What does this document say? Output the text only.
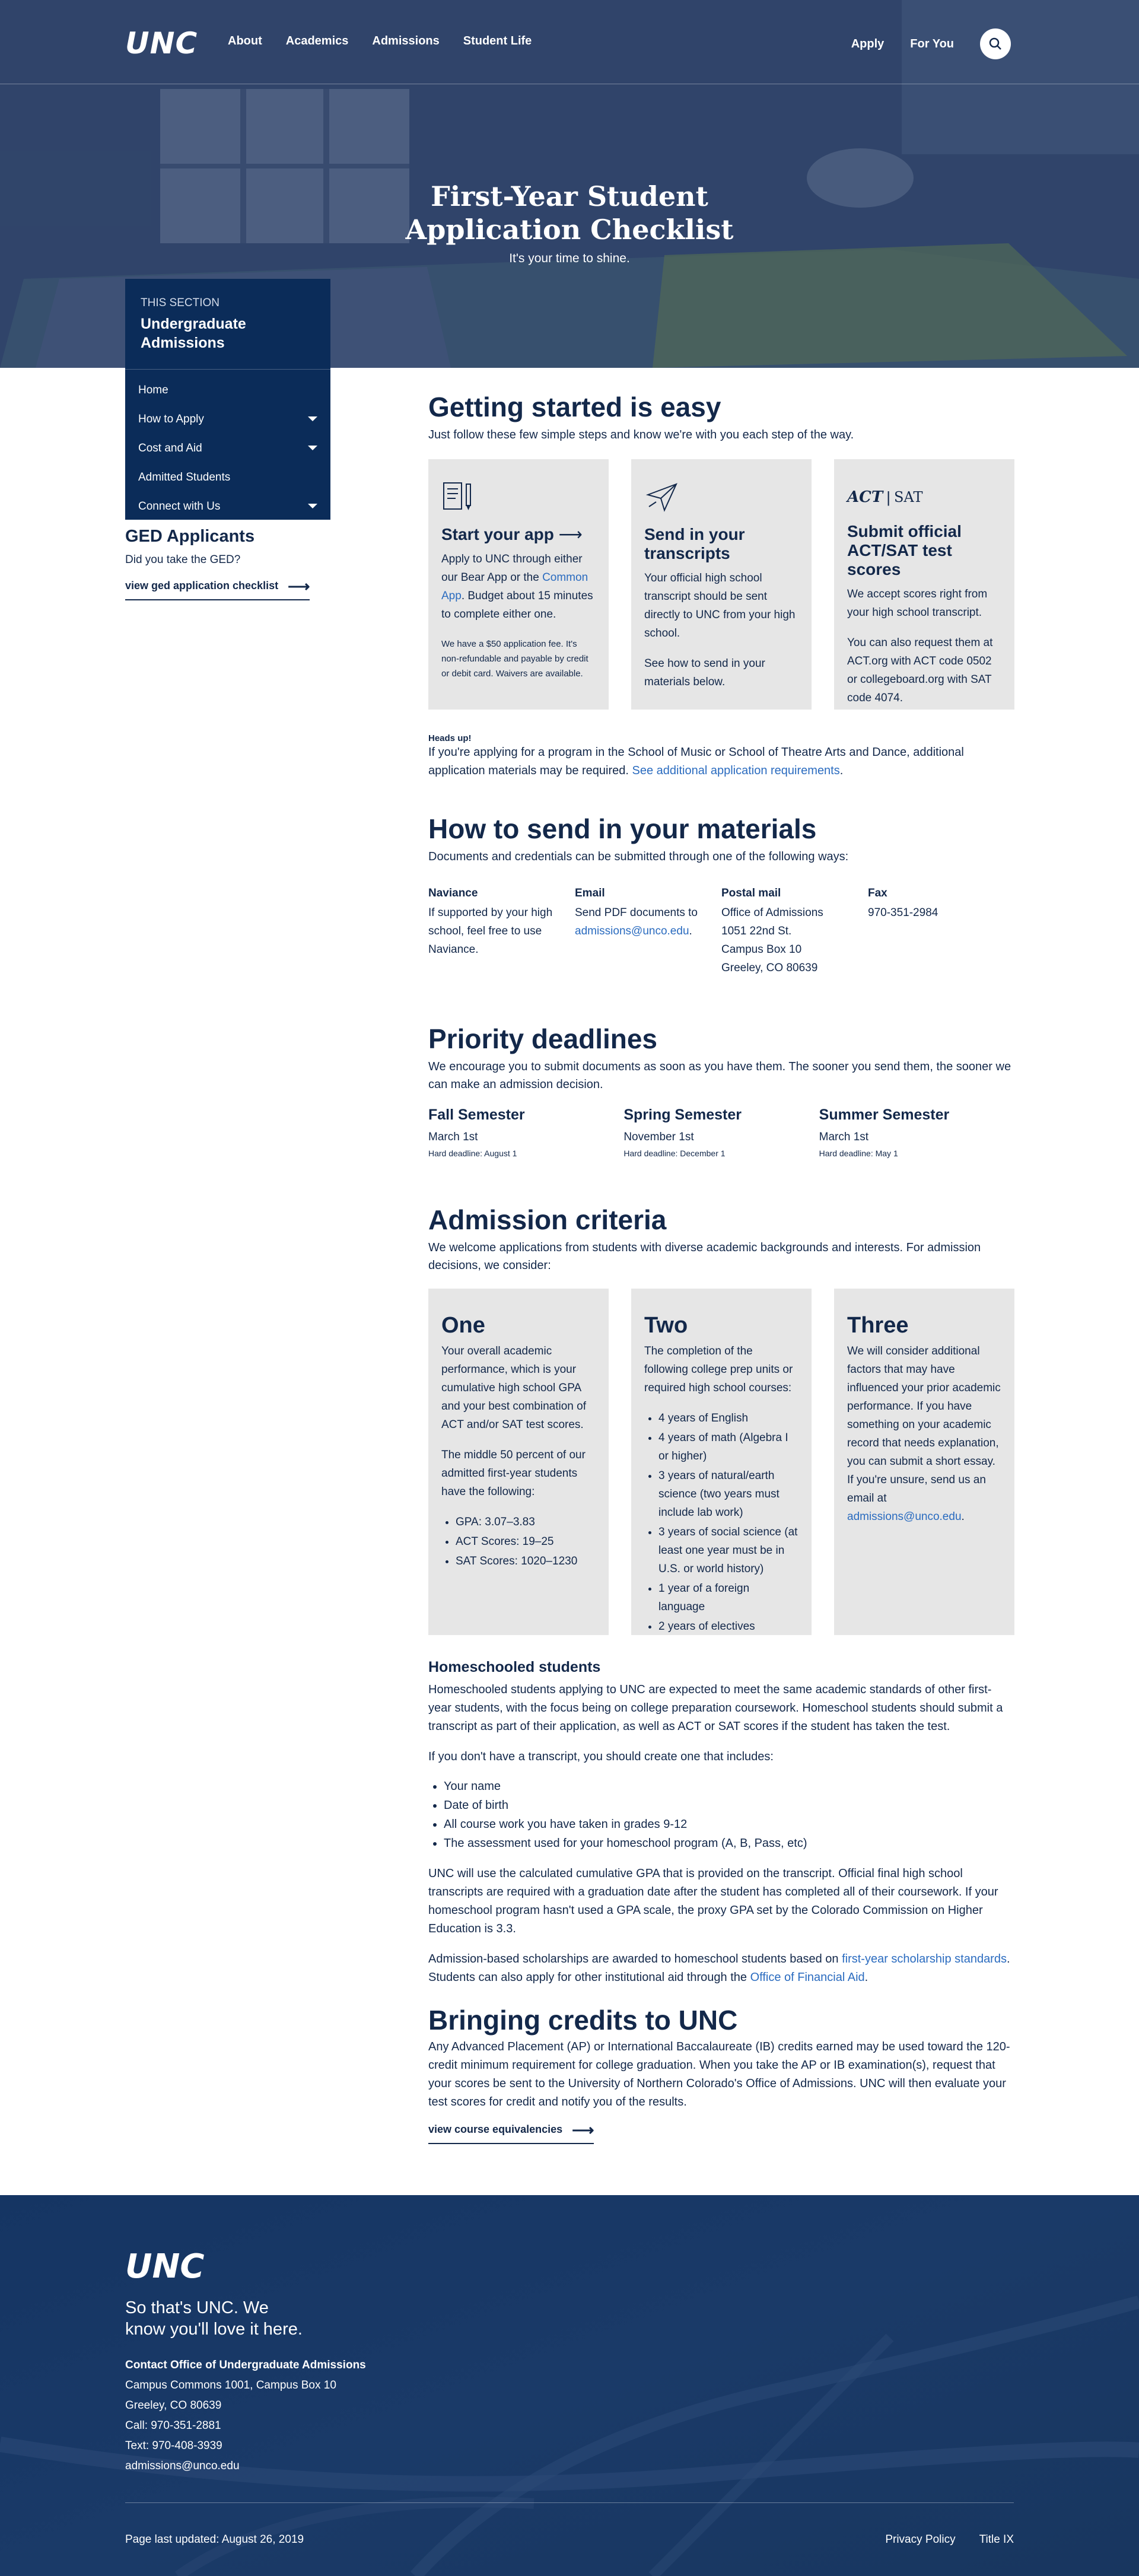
UNC	About Academics Admissions Student Life	Apply For You
First-Year Student
Application Checklist
It's your time to shine.
THIS SECTION
Undergraduate
Admissions
Home
How to Apply
Cost and Aid
Admitted Students
Connect with Us
GED Applicants

Did you take the GED?

view ged application checklist ⟶
Getting started is easy

Just follow these few simple steps and know we're with you each step of the way.

Start your app ⟶

Apply to UNC through either our Bear App or the Common App. Budget about 15 minutes to complete either one.

We have a $50 application fee. It's non-refundable and payable by credit or debit card. Waivers are available.

Send in your
transcripts

Your official high school transcript should be sent directly to UNC from your high school.

See how to send in your materials below.

ACT | SAT
Submit official
ACT/SAT test scores

We accept scores right from your high school transcript.

You can also request them at ACT.org with ACT code 0502 or collegeboard.org with SAT code 4074.

Heads up!

If you're applying for a program in the School of Music or School of Theatre Arts and Dance, additional application materials may be required. See additional application requirements.

How to send in your materials

Documents and credentials can be submitted through one of the following ways:

Naviance

If supported by your high school, feel free to use Naviance.

Email

Send PDF documents to admissions@unco.edu.

Postal mail

Office of Admissions

1051 22nd St.

Campus Box 10

Greeley, CO 80639

Fax

970-351-2984

Priority deadlines

We encourage you to submit documents as soon as you have them. The sooner you send them, the sooner we can make an admission decision.

Fall Semester
March 1st
Hard deadline: August 1
Spring Semester
November 1st
Hard deadline: December 1
Summer Semester
March 1st
Hard deadline: May 1
Admission criteria

We welcome applications from students with diverse academic backgrounds and interests. For admission decisions, we consider:

One

Your overall academic performance, which is your cumulative high school GPA and your best combination of ACT and/or SAT test scores.

The middle 50 percent of our admitted first-year students have the following:

• GPA: 3.07–3.83
• ACT Scores: 19–25
• SAT Scores: 1020–1230
Two

The completion of the following college prep units or required high school courses:

• 4 years of English
• 4 years of math (Algebra I or higher)
• 3 years of natural/earth science (two years must include lab work)
• 3 years of social science (at least one year must be in U.S. or world history)
• 1 year of a foreign language
• 2 years of electives
Three

We will consider additional factors that may have influenced your prior academic performance. If you have something on your academic record that needs explanation, you can submit a short essay. If you're unsure, send us an email at admissions@unco.edu.

Homeschooled students

Homeschooled students applying to UNC are expected to meet the same academic standards of other first-year students, with the focus being on college preparation coursework. Homeschool students should submit a transcript as part of their application, as well as ACT or SAT scores if the student has taken the test.

If you don't have a transcript, you should create one that includes:

• Your name
• Date of birth
• All course work you have taken in grades 9-12
• The assessment used for your homeschool program (A, B, Pass, etc)

UNC will use the calculated cumulative GPA that is provided on the transcript. Official final high school transcripts are required with a graduation date after the student has completed all of their coursework. If your homeschool program hasn't used a GPA scale, the proxy GPA set by the Colorado Commission on Higher Education is 3.3.

Admission-based scholarships are awarded to homeschool students based on first-year scholarship standards. Students can also apply for other institutional aid through the Office of Financial Aid.

Bringing credits to UNC

Any Advanced Placement (AP) or International Baccalaureate (IB) credits earned may be used toward the 120-credit minimum requirement for college graduation. When you take the AP or IB examination(s), request that your scores be sent to the University of Northern Colorado's Office of Admissions. UNC will then evaluate your test scores for credit and notify you of the results.

view course equivalencies ⟶
UNC
So that's UNC. We
know you'll love it here.
Contact Office of Undergraduate Admissions
Campus Commons 1001, Campus Box 10
Greeley, CO 80639
Call: 970-351-2881
Text: 970-408-3939
admissions@unco.edu
Page last updated: August 26, 2019	Privacy Policy Title IX
